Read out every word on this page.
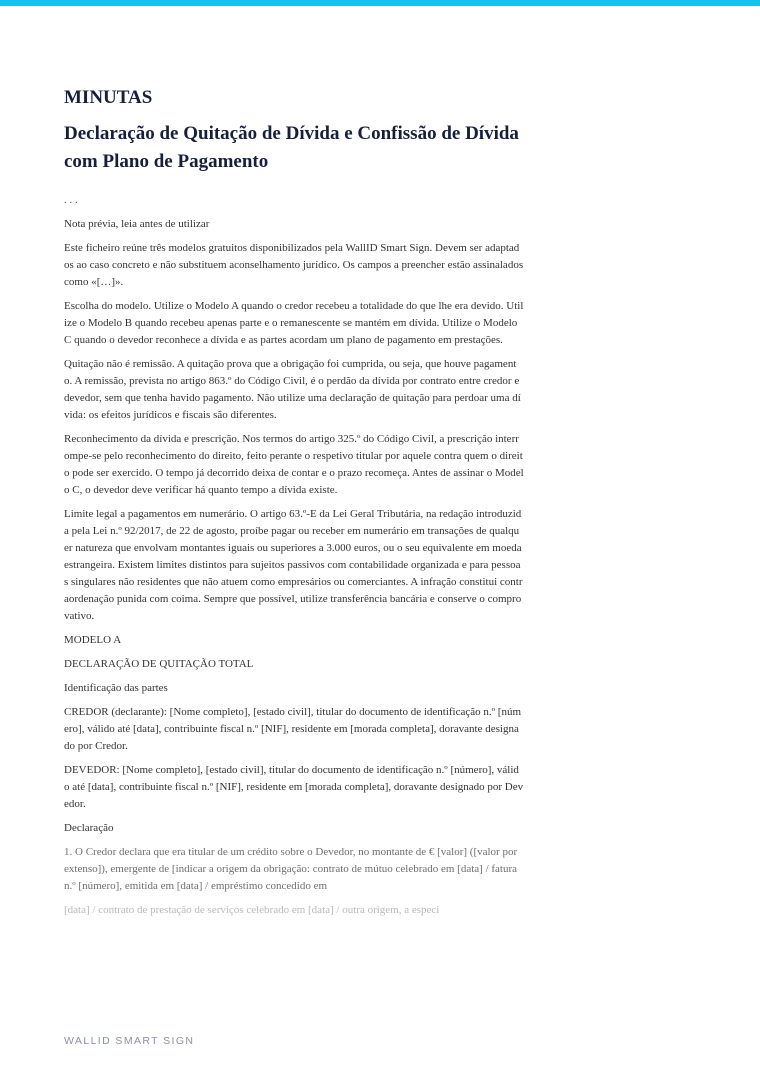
MINUTAS
Declaração de Quitação de Dívida e Confissão de Dívida com Plano de Pagamento
. . .

Nota prévia, leia antes de utilizar

Este ficheiro reúne três modelos gratuitos disponibilizados pela WallID Smart Sign. Devem ser adaptados ao caso concreto e não substituem aconselhamento jurídico. Os campos a preencher estão assinalados como «[…]».

Escolha do modelo. Utilize o Modelo A quando o credor recebeu a totalidade do que lhe era devido. Utilize o Modelo B quando recebeu apenas parte e o remanescente se mantém em dívida. Utilize o Modelo C quando o devedor reconhece a dívida e as partes acordam um plano de pagamento em prestações.

Quitação não é remissão. A quitação prova que a obrigação foi cumprida, ou seja, que houve pagamento. A remissão, prevista no artigo 863.º do Código Civil, é o perdão da dívida por contrato entre credor e devedor, sem que tenha havido pagamento. Não utilize uma declaração de quitação para perdoar uma dívida: os efeitos jurídicos e fiscais são diferentes.

Reconhecimento da dívida e prescrição. Nos termos do artigo 325.º do Código Civil, a prescrição interrompe-se pelo reconhecimento do direito, feito perante o respetivo titular por aquele contra quem o direito pode ser exercido. O tempo já decorrido deixa de contar e o prazo recomeça. Antes de assinar o Modelo C, o devedor deve verificar há quanto tempo a dívida existe.

Limite legal a pagamentos em numerário. O artigo 63.º-E da Lei Geral Tributária, na redação introduzida pela Lei n.º 92/2017, de 22 de agosto, proíbe pagar ou receber em numerário em transações de qualquer natureza que envolvam montantes iguais ou superiores a 3.000 euros, ou o seu equivalente em moeda estrangeira. Existem limites distintos para sujeitos passivos com contabilidade organizada e para pessoas singulares não residentes que não atuem como empresários ou comerciantes. A infração constitui contraordenação punida com coima. Sempre que possível, utilize transferência bancária e conserve o comprovativo.

MODELO A

DECLARAÇÃO DE QUITAÇÃO TOTAL

Identificação das partes

CREDOR (declarante): [Nome completo], [estado civil], titular do documento de identificação n.º [número], válido até [data], contribuinte fiscal n.º [NIF], residente em [morada completa], doravante designado por Credor.

DEVEDOR: [Nome completo], [estado civil], titular do documento de identificação n.º [número], válido até [data], contribuinte fiscal n.º [NIF], residente em [morada completa], doravante designado por Devedor.

Declaração

1. O Credor declara que era titular de um crédito sobre o Devedor, no montante de € [valor] ([valor por extenso]), emergente de [indicar a origem da obrigação: contrato de mútuo celebrado em [data] / fatura n.º [número], emitida em [data] / empréstimo concedido em

[data] / contrato de prestação de serviços celebrado em [data] / outra origem, a especi

WALLID SMART SIGN
